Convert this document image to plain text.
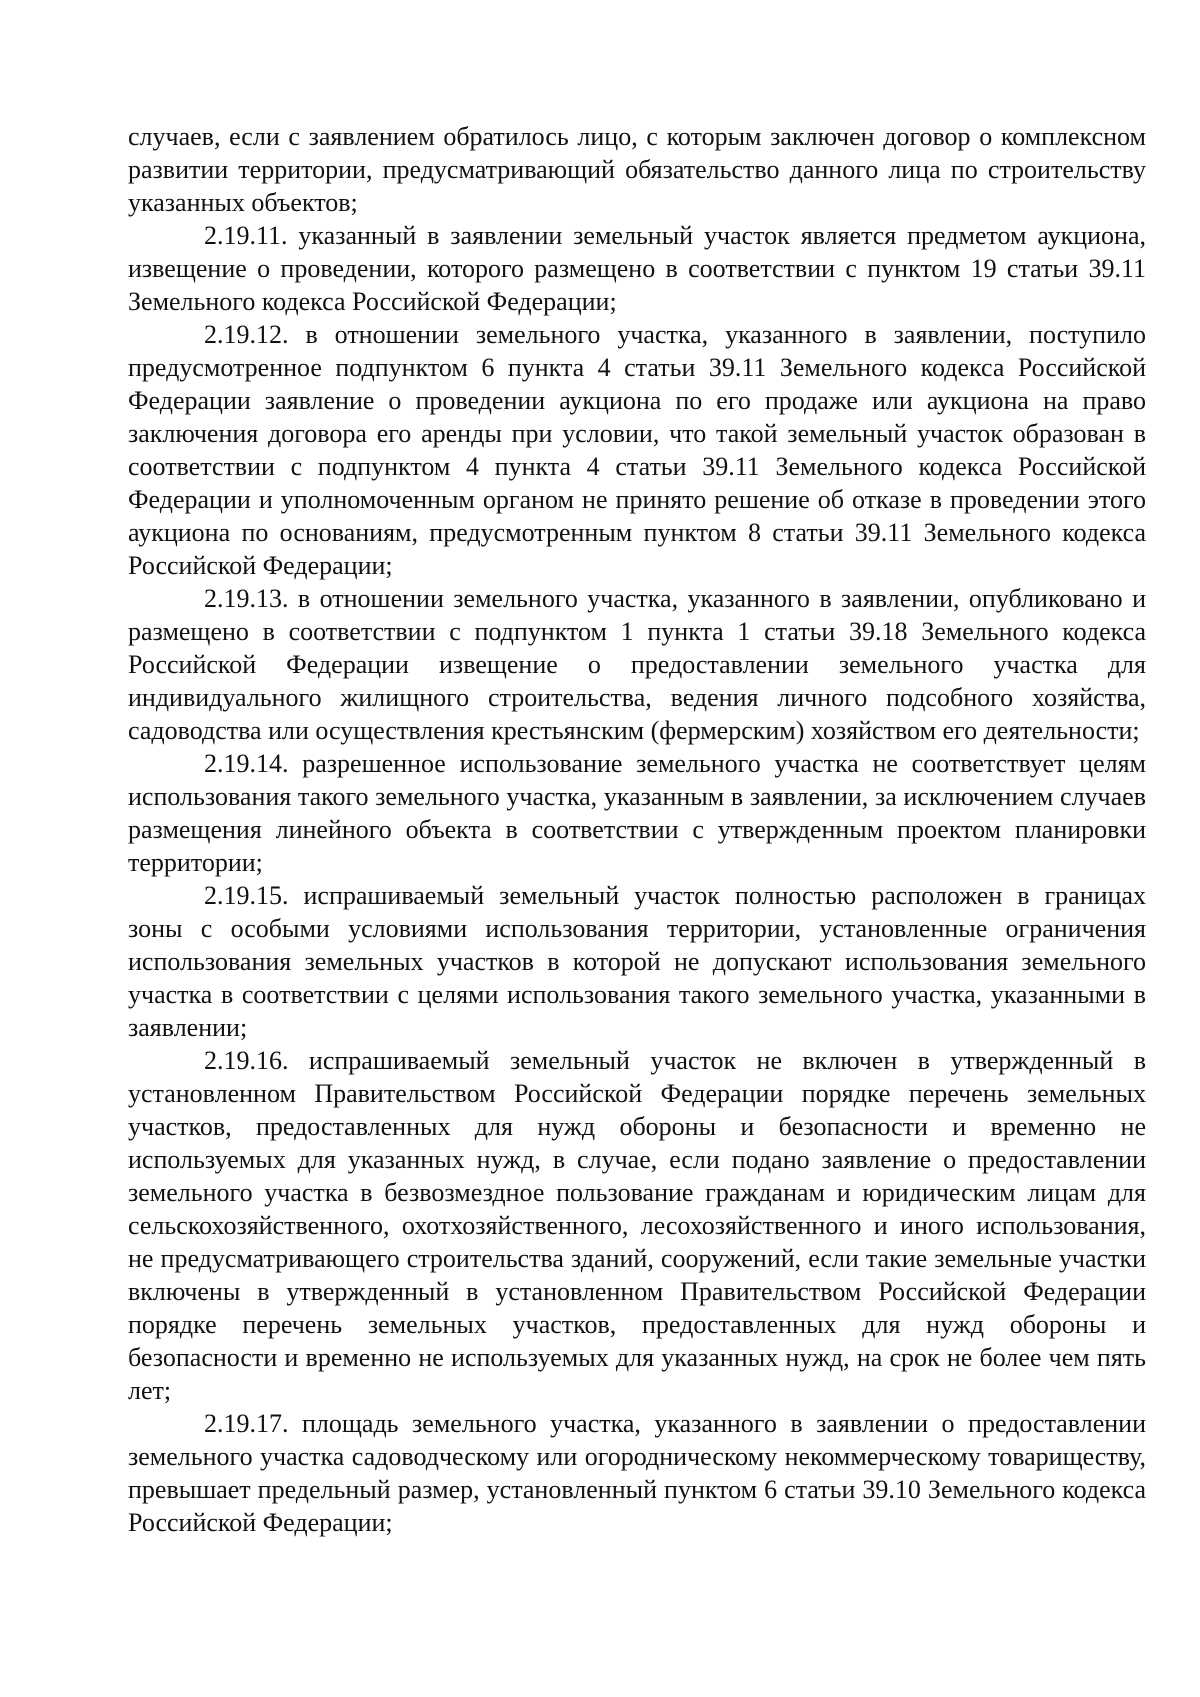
случаев, если с заявлением обратилось лицо, с которым заключен договор о комплексном развитии территории, предусматривающий обязательство данного лица по строительству указанных объектов;

2.19.11. указанный в заявлении земельный участок является предметом аукциона, извещение о проведении, которого размещено в соответствии с пунктом 19 статьи 39.11 Земельного кодекса Российской Федерации;

2.19.12. в отношении земельного участка, указанного в заявлении, поступило предусмотренное подпунктом 6 пункта 4 статьи 39.11 Земельного кодекса Российской Федерации заявление о проведении аукциона по его продаже или аукциона на право заключения договора его аренды при условии, что такой земельный участок образован в соответствии с подпунктом 4 пункта 4 статьи 39.11 Земельного кодекса Российской Федерации и уполномоченным органом не принято решение об отказе в проведении этого аукциона по основаниям, предусмотренным пунктом 8 статьи 39.11 Земельного кодекса Российской Федерации;

2.19.13. в отношении земельного участка, указанного в заявлении, опубликовано и размещено в соответствии с подпунктом 1 пункта 1 статьи 39.18 Земельного кодекса Российской Федерации извещение о предоставлении земельного участка для индивидуального жилищного строительства, ведения личного подсобного хозяйства, садоводства или осуществления крестьянским (фермерским) хозяйством его деятельности;

2.19.14. разрешенное использование земельного участка не соответствует целям использования такого земельного участка, указанным в заявлении, за исключением случаев размещения линейного объекта в соответствии с утвержденным проектом планировки территории;

2.19.15. испрашиваемый земельный участок полностью расположен в границах зоны с особыми условиями использования территории, установленные ограничения использования земельных участков в которой не допускают использования земельного участка в соответствии с целями использования такого земельного участка, указанными в заявлении;

2.19.16. испрашиваемый земельный участок не включен в утвержденный в установленном Правительством Российской Федерации порядке перечень земельных участков, предоставленных для нужд обороны и безопасности и временно не используемых для указанных нужд, в случае, если подано заявление о предоставлении земельного участка в безвозмездное пользование гражданам и юридическим лицам для сельскохозяйственного, охотхозяйственного, лесохозяйственного и иного использования, не предусматривающего строительства зданий, сооружений, если такие земельные участки включены в утвержденный в установленном Правительством Российской Федерации порядке перечень земельных участков, предоставленных для нужд обороны и безопасности и временно не используемых для указанных нужд, на срок не более чем пять лет;

2.19.17. площадь земельного участка, указанного в заявлении о предоставлении земельного участка садоводческому или огородническому некоммерческому товариществу, превышает предельный размер, установленный пунктом 6 статьи 39.10 Земельного кодекса Российской Федерации;
